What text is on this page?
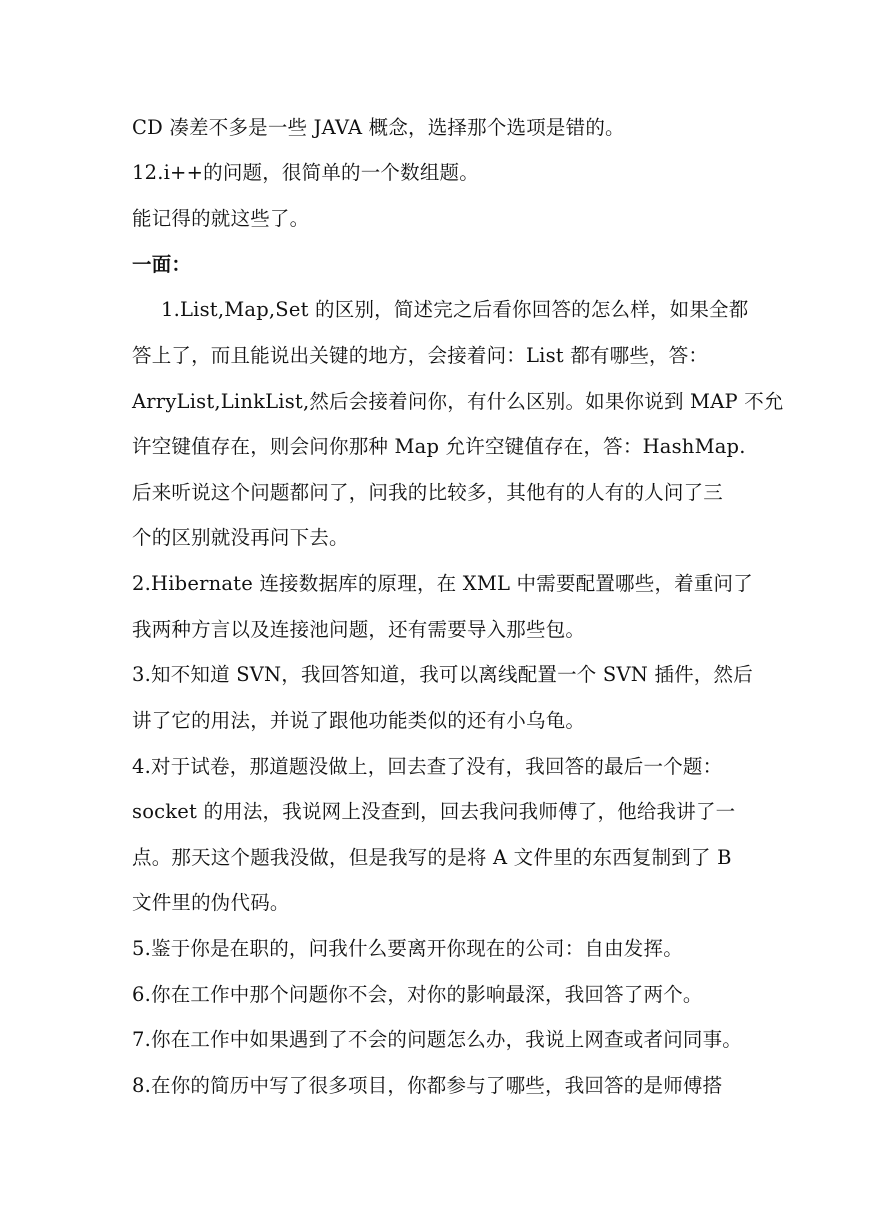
CD 凑差不多是一些 JAVA 概念，选择那个选项是错的。
12.i++的问题，很简单的一个数组题。
能记得的就这些了。
一面：
1.List,Map,Set 的区别，简述完之后看你回答的怎么样，如果全都
答上了，而且能说出关键的地方，会接着问：List 都有哪些，答：
ArryList,LinkList,然后会接着问你，有什么区别。如果你说到 MAP 不允
许空键值存在，则会问你那种 Map 允许空键值存在，答：HashMap.
后来听说这个问题都问了，问我的比较多，其他有的人有的人问了三
个的区别就没再问下去。
2.Hibernate 连接数据库的原理，在 XML 中需要配置哪些，着重问了
我两种方言以及连接池问题，还有需要导入那些包。
3.知不知道 SVN，我回答知道，我可以离线配置一个 SVN 插件，然后
讲了它的用法，并说了跟他功能类似的还有小乌龟。
4.对于试卷，那道题没做上，回去查了没有，我回答的最后一个题：
socket 的用法，我说网上没查到，回去我问我师傅了，他给我讲了一
点。那天这个题我没做，但是我写的是将 A 文件里的东西复制到了 B
文件里的伪代码。
5.鉴于你是在职的，问我什么要离开你现在的公司：自由发挥。
6.你在工作中那个问题你不会，对你的影响最深，我回答了两个。
7.你在工作中如果遇到了不会的问题怎么办，我说上网查或者问同事。
8.在你的简历中写了很多项目，你都参与了哪些，我回答的是师傅搭
